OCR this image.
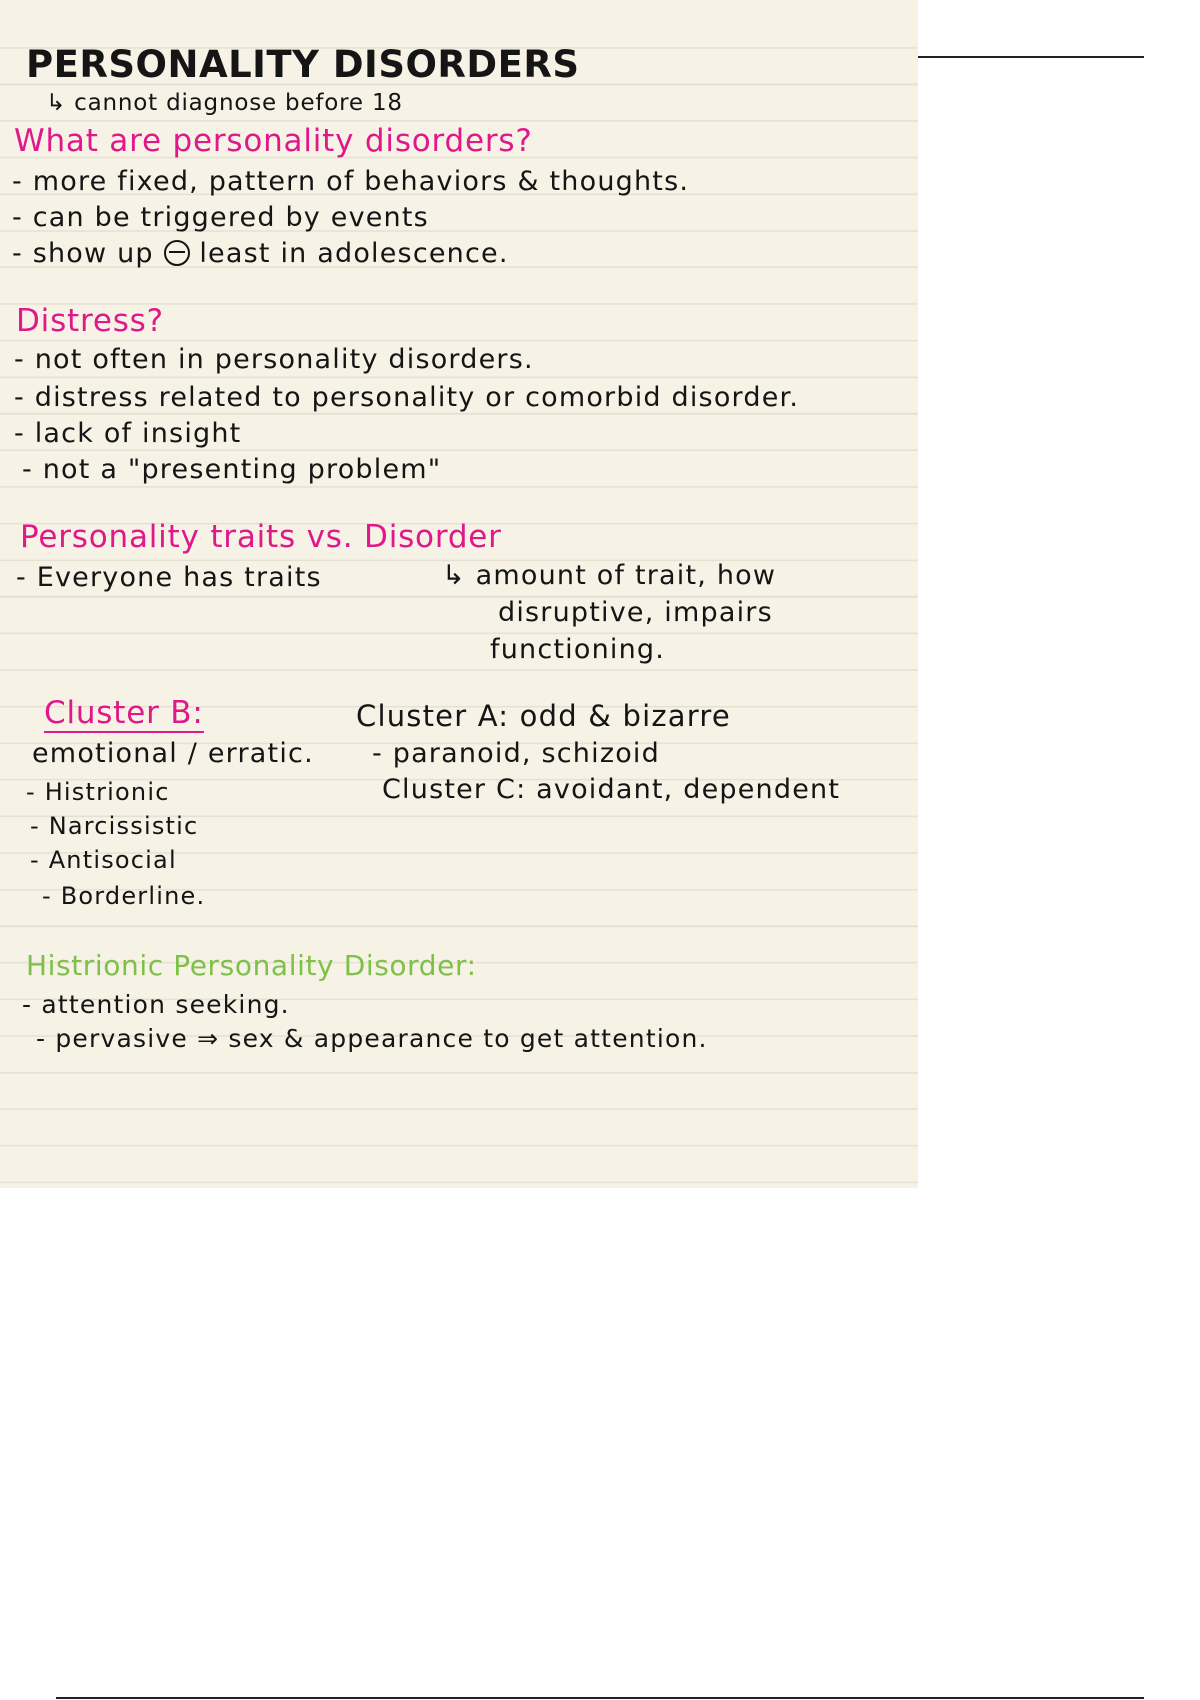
PERSONALITY DISORDERS
↳ cannot diagnose before 18
What are personality disorders?
- more fixed, pattern of behaviors & thoughts.
- can be triggered by events
- show up least in adolescence.
Distress?
- not often in personality disorders.
- distress related to personality or comorbid disorder.
- lack of insight
- not a "presenting problem"
Personality traits vs. Disorder
- Everyone has traits	↳ amount of trait, how
disruptive, impairs
functioning.
Cluster B:
emotional / erratic.
- Histrionic
- Narcissistic
- Antisocial
- Borderline.
Cluster A: odd & bizarre
- paranoid, schizoid
Cluster C: avoidant, dependent
Histrionic Personality Disorder:
- attention seeking.
- pervasive ⇒ sex & appearance to get attention.
